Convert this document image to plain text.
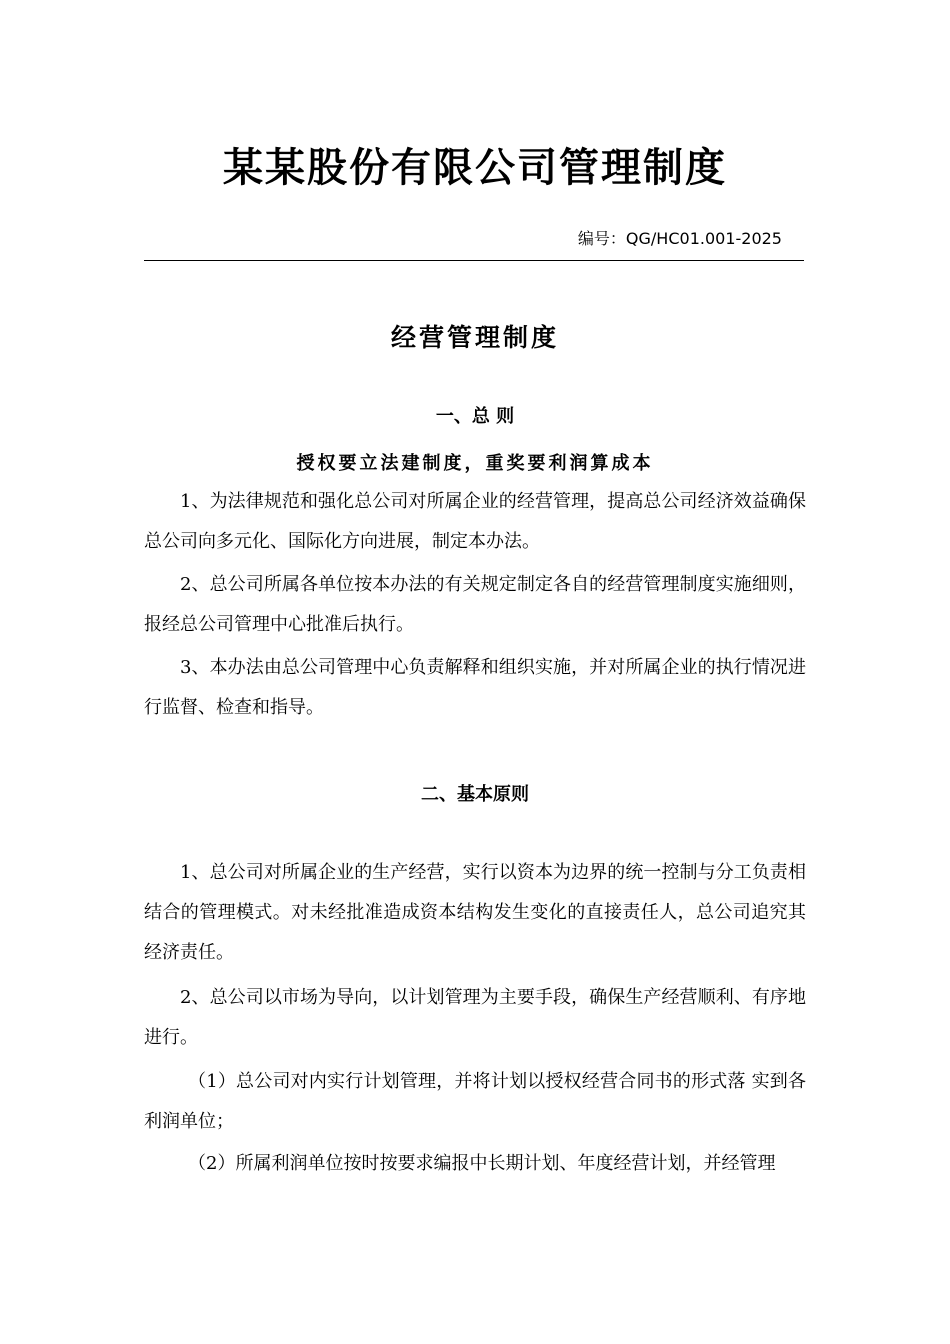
某某股份有限公司管理制度
编号：QG/HC01.001-2025
经营管理制度
一、总 则
授权要立法建制度，重奖要利润算成本
1、为法律规范和强化总公司对所属企业的经营管理，提高总公司经济效益确保总公司向多元化、国际化方向进展，制定本办法。
2、总公司所属各单位按本办法的有关规定制定各自的经营管理制度实施细则，报经总公司管理中心批准后执行。
3、本办法由总公司管理中心负责解释和组织实施，并对所属企业的执行情况进行监督、检查和指导。
二、基本原则
1、总公司对所属企业的生产经营，实行以资本为边界的统一控制与分工负责相结合的管理模式。对未经批准造成资本结构发生变化的直接责任人，总公司追究其经济责任。
2、总公司以市场为导向，以计划管理为主要手段，确保生产经营顺利、有序地进行。
（1）总公司对内实行计划管理，并将计划以授权经营合同书的形式落 实到各利润单位；
（2）所属利润单位按时按要求编报中长期计划、年度经营计划，并经管理
